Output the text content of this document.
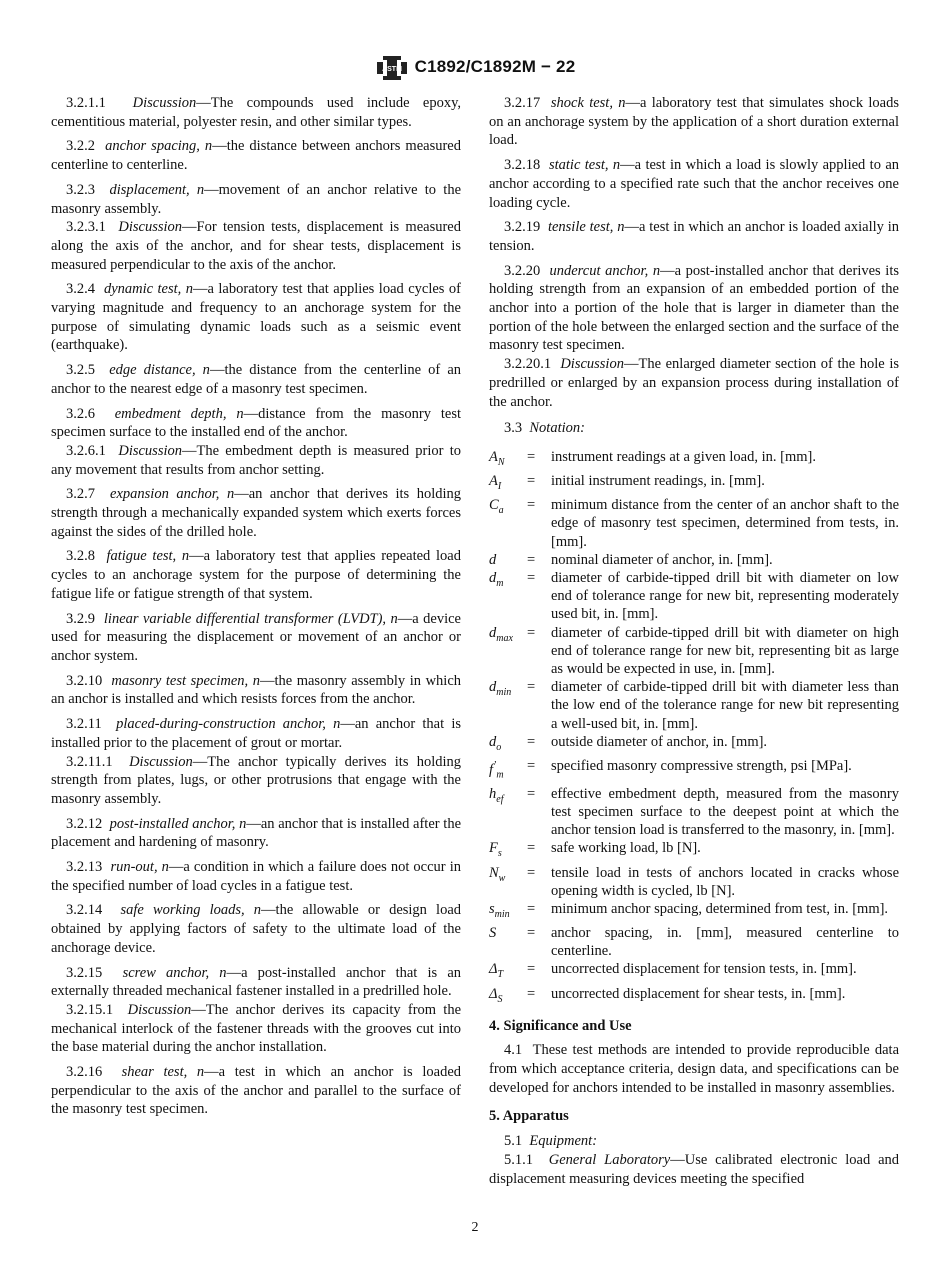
ASTM C1892/C1892M − 22

3.2.1.1 Discussion—The compounds used include epoxy, cementitious material, polyester resin, and other similar types.

3.2.2 anchor spacing, n—the distance between anchors measured centerline to centerline.

3.2.3 displacement, n—movement of an anchor relative to the masonry assembly.

3.2.3.1 Discussion—For tension tests, displacement is measured along the axis of the anchor, and for shear tests, displacement is measured perpendicular to the axis of the anchor.

3.2.4 dynamic test, n—a laboratory test that applies load cycles of varying magnitude and frequency to an anchorage system for the purpose of simulating dynamic loads such as a seismic event (earthquake).

3.2.5 edge distance, n—the distance from the centerline of an anchor to the nearest edge of a masonry test specimen.

3.2.6 embedment depth, n—distance from the masonry test specimen surface to the installed end of the anchor.

3.2.6.1 Discussion—The embedment depth is measured prior to any movement that results from anchor setting.

3.2.7 expansion anchor, n—an anchor that derives its holding strength through a mechanically expanded system which exerts forces against the sides of the drilled hole.

3.2.8 fatigue test, n—a laboratory test that applies repeated load cycles to an anchorage system for the purpose of determining the fatigue life or fatigue strength of that system.

3.2.9 linear variable differential transformer (LVDT), n—a device used for measuring the displacement or movement of an anchor or anchor system.

3.2.10 masonry test specimen, n—the masonry assembly in which an anchor is installed and which resists forces from the anchor.

3.2.11 placed-during-construction anchor, n—an anchor that is installed prior to the placement of grout or mortar.

3.2.11.1 Discussion—The anchor typically derives its holding strength from plates, lugs, or other protrusions that engage with the masonry assembly.

3.2.12 post-installed anchor, n—an anchor that is installed after the placement and hardening of masonry.

3.2.13 run-out, n—a condition in which a failure does not occur in the specified number of load cycles in a fatigue test.

3.2.14 safe working loads, n—the allowable or design load obtained by applying factors of safety to the ultimate load of the anchorage device.

3.2.15 screw anchor, n—a post-installed anchor that is an externally threaded mechanical fastener installed in a predrilled hole.

3.2.15.1 Discussion—The anchor derives its capacity from the mechanical interlock of the fastener threads with the grooves cut into the base material during the anchor installation.

3.2.16 shear test, n—a test in which an anchor is loaded perpendicular to the axis of the anchor and parallel to the surface of the masonry test specimen.

3.2.17 shock test, n—a laboratory test that simulates shock loads on an anchorage system by the application of a short duration external load.

3.2.18 static test, n—a test in which a load is slowly applied to an anchor according to a specified rate such that the anchor receives one loading cycle.

3.2.19 tensile test, n—a test in which an anchor is loaded axially in tension.

3.2.20 undercut anchor, n—a post-installed anchor that derives its holding strength from an expansion of an embedded portion of the anchor into a portion of the hole that is larger in diameter than the portion of the hole between the enlarged section and the surface of the masonry test specimen.

3.2.20.1 Discussion—The enlarged diameter section of the hole is predrilled or enlarged by an expansion process during installation of the anchor.

3.3 Notation:

$A_N$	=	instrument readings at a given load, in. [mm].
$A_I$	=	initial instrument readings, in. [mm].
$C_a$	=	minimum distance from the center of an anchor shaft to the edge of masonry test specimen, determined from tests, in. [mm].
d	=	nominal diameter of anchor, in. [mm].
$d_m$	=	diameter of carbide-tipped drill bit with diameter on low end of tolerance range for new bit, representing moderately used bit, in. [mm].
$d_{max}$	=	diameter of carbide-tipped drill bit with diameter on high end of tolerance range for new bit, representing bit as large as would be expected in use, in. [mm].
$d_{min}$	=	diameter of carbide-tipped drill bit with diameter less than the low end of the tolerance range for new bit representing a well-used bit, in. [mm].
$d_o$	=	outside diameter of anchor, in. [mm].
$f^’_m$	=	specified masonry compressive strength, psi [MPa].
$h_{ef}$	=	effective embedment depth, measured from the masonry test specimen surface to the deepest point at which the anchor tension load is transferred to the masonry, in. [mm].
$F_s$	=	safe working load, lb [N].
$N_w$	=	tensile load in tests of anchors located in cracks whose opening width is cycled, lb [N].
$s_{min}$	=	minimum anchor spacing, determined from test, in. [mm].
S	=	anchor spacing, in. [mm], measured centerline to centerline.
$\Delta_T$	=	uncorrected displacement for tension tests, in. [mm].
$\Delta_S$	=	uncorrected displacement for shear tests, in. [mm].
4. Significance and Use

4.1 These test methods are intended to provide reproducible data from which acceptance criteria, design data, and specifications can be developed for anchors intended to be installed in masonry assemblies.

5. Apparatus

5.1 Equipment:

5.1.1 General Laboratory—Use calibrated electronic load and displacement measuring devices meeting the specified

2
